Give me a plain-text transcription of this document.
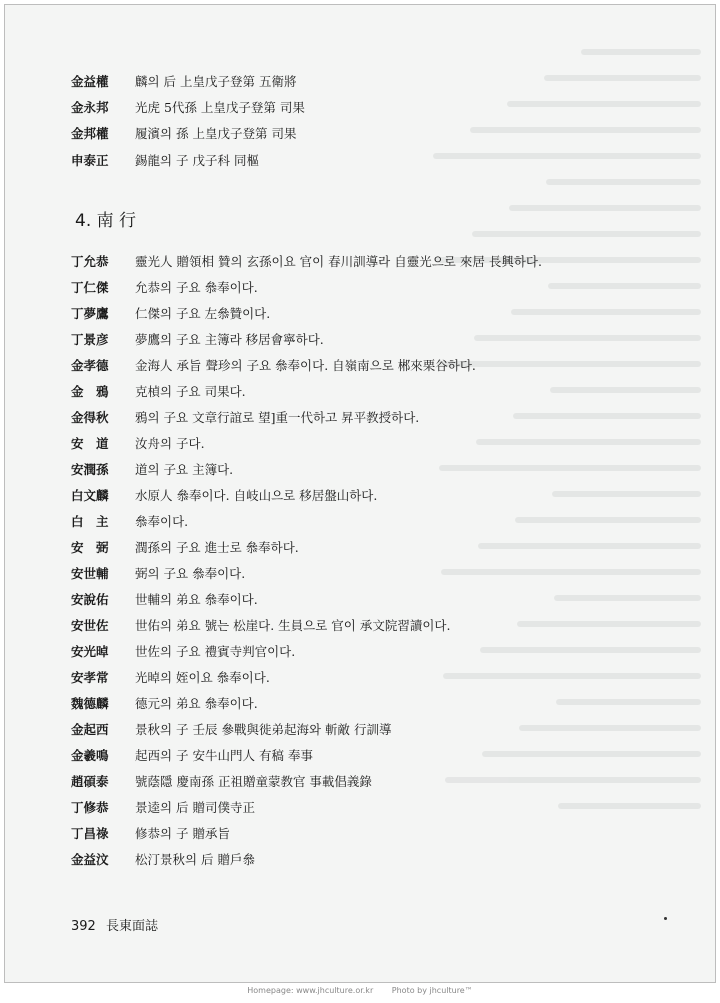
金益權	麟의 后 上皇戊子登第 五衛將
金永邦	光虎 5代孫 上皇戊子登第 司果
金邦權	履濱의 孫 上皇戊子登第 司果
申泰正	錫龍의 子 戊子科 同樞
4. 南 行
丁允恭	靈光人 贈領相 贊의 玄孫이요 官이 春川訓導라 自靈光으로 來居 長興하다.
丁仁傑	允恭의 子요 叅奉이다.
丁夢鷹	仁傑의 子요 左叅贊이다.
丁景彦	夢鷹의 子요 主簿라 移居會寧하다.
金孝德	金海人 承旨 聲珍의 子요 叅奉이다. 自嶺南으로 郴來栗谷하다.
金　鴉	克楨의 子요 司果다.
金得秋	鴉의 子요 文章行誼로 望]重一代하고 昇平教授하다.
安　道	汝舟의 子다.
安潤孫	道의 子요 主簿다.
白文麟	水原人 叅奉이다. 自岐山으로 移居盤山하다.
白　主	叅奉이다.
安　弼	潤孫의 子요 進士로 叅奉하다.
安世輔	弼의 子요 叅奉이다.
安說佑	世輔의 弟요 叅奉이다.
安世佐	世佑의 弟요 號는 松崖다. 生員으로 官이 承文院習讀이다.
安光晫	世佐의 子요 禮賓寺判官이다.
安孝常	光晫의 姪이요 叅奉이다.
魏德麟	德元의 弟요 叅奉이다.
金起西	景秋의 子 壬辰 參戰與徙弟起海와 斬敵 行訓導
金羲鳴	起西의 子 安牛山門人 有稿 奉事
趙碩泰	號蔭隱 慶南孫 正祖贈童蒙教官 事載倡義錄
丁修恭	景逵의 后 贈司僕寺正
丁昌祿	修恭의 子 贈承旨
金益汶	松汀景秋의 后 贈戶叅
392 長東面誌
Homepage: www.jhculture.or.kr Photo by jhculture™
